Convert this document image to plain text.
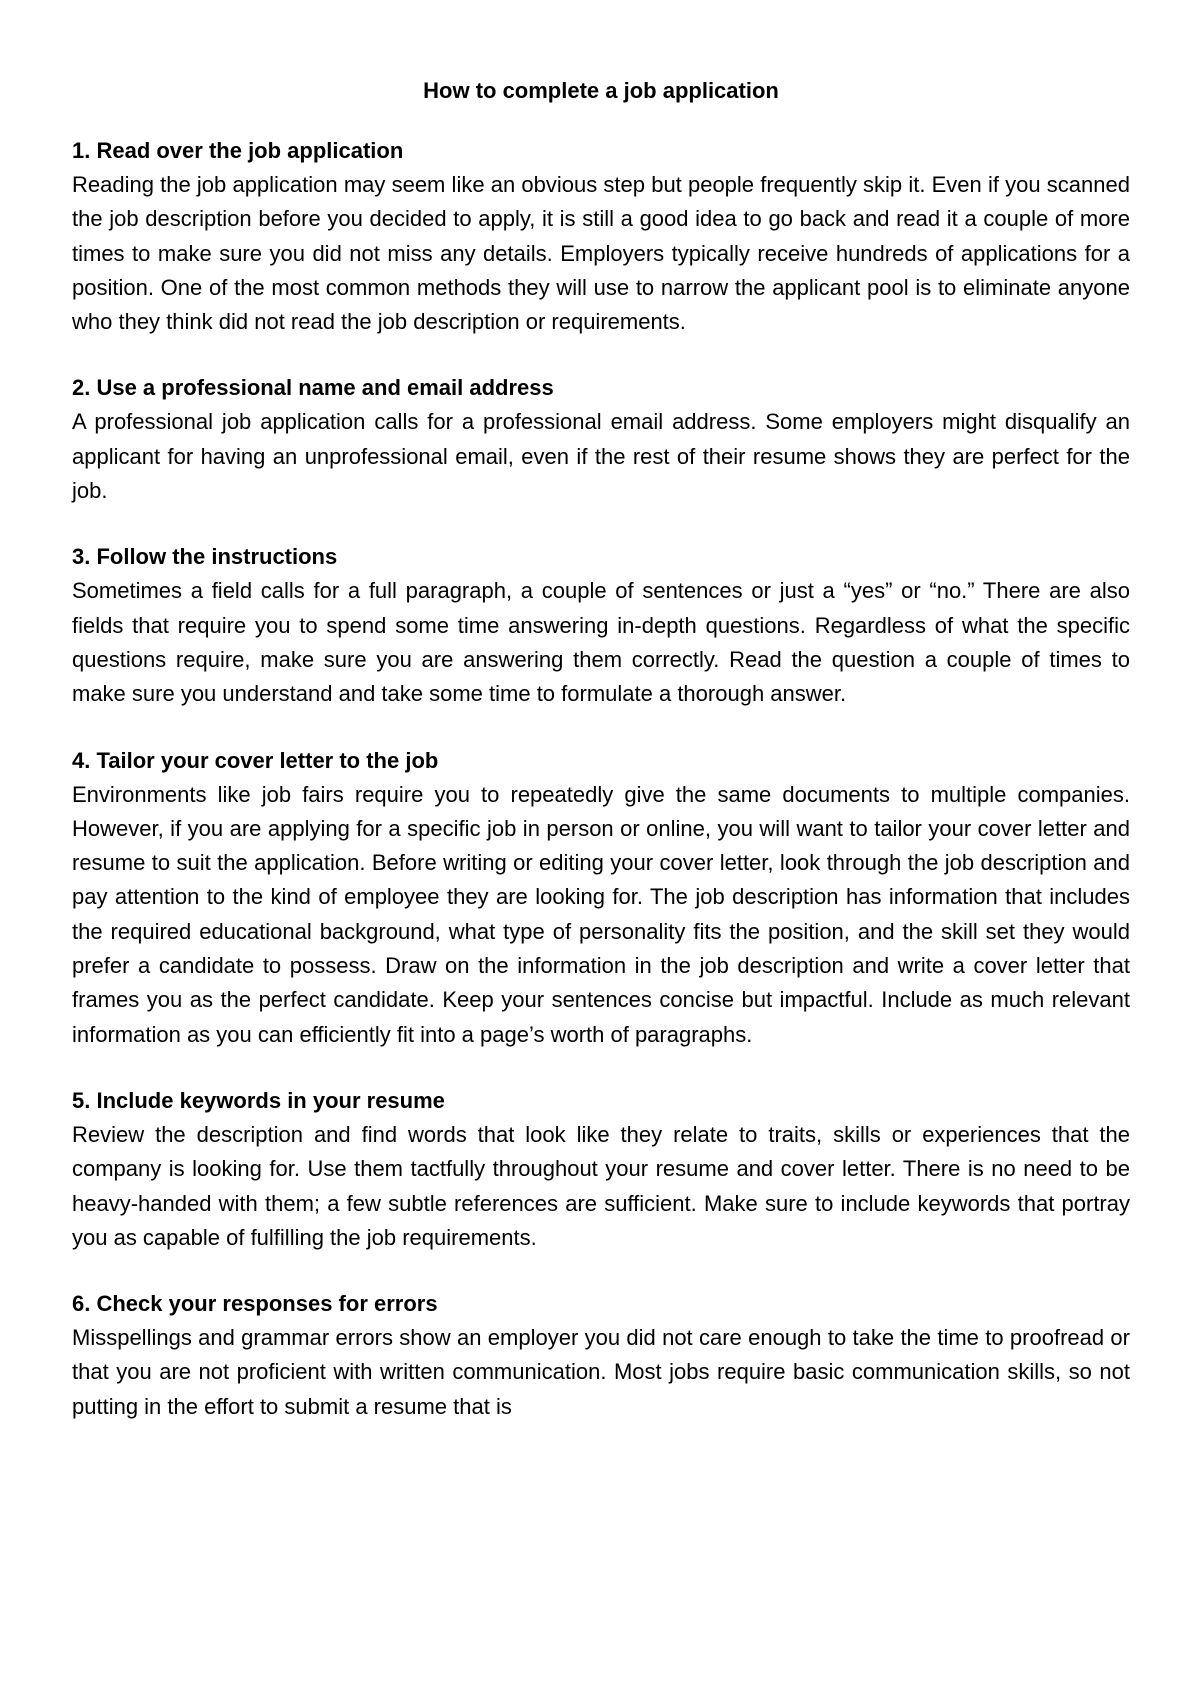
How to complete a job application

1. Read over the job application

Reading the job application may seem like an obvious step but people frequently skip it. Even if you scanned the job description before you decided to apply, it is still a good idea to go back and read it a couple of more times to make sure you did not miss any details. Employers typically receive hundreds of applications for a position. One of the most common methods they will use to narrow the applicant pool is to eliminate anyone who they think did not read the job description or requirements.

2. Use a professional name and email address

A professional job application calls for a professional email address. Some employers might disqualify an applicant for having an unprofessional email, even if the rest of their resume shows they are perfect for the job.

3. Follow the instructions

Sometimes a field calls for a full paragraph, a couple of sentences or just a “yes” or “no.” There are also fields that require you to spend some time answering in-depth questions. Regardless of what the specific questions require, make sure you are answering them correctly. Read the question a couple of times to make sure you understand and take some time to formulate a thorough answer.

4. Tailor your cover letter to the job

Environments like job fairs require you to repeatedly give the same documents to multiple companies. However, if you are applying for a specific job in person or online, you will want to tailor your cover letter and resume to suit the application. Before writing or editing your cover letter, look through the job description and pay attention to the kind of employee they are looking for. The job description has information that includes the required educational background, what type of personality fits the position, and the skill set they would prefer a candidate to possess. Draw on the information in the job description and write a cover letter that frames you as the perfect candidate. Keep your sentences concise but impactful. Include as much relevant information as you can efficiently fit into a page’s worth of paragraphs.

5. Include keywords in your resume

Review the description and find words that look like they relate to traits, skills or experiences that the company is looking for. Use them tactfully throughout your resume and cover letter. There is no need to be heavy-handed with them; a few subtle references are sufficient. Make sure to include keywords that portray you as capable of fulfilling the job requirements.

6. Check your responses for errors

Misspellings and grammar errors show an employer you did not care enough to take the time to proofread or that you are not proficient with written communication. Most jobs require basic communication skills, so not putting in the effort to submit a resume that is
